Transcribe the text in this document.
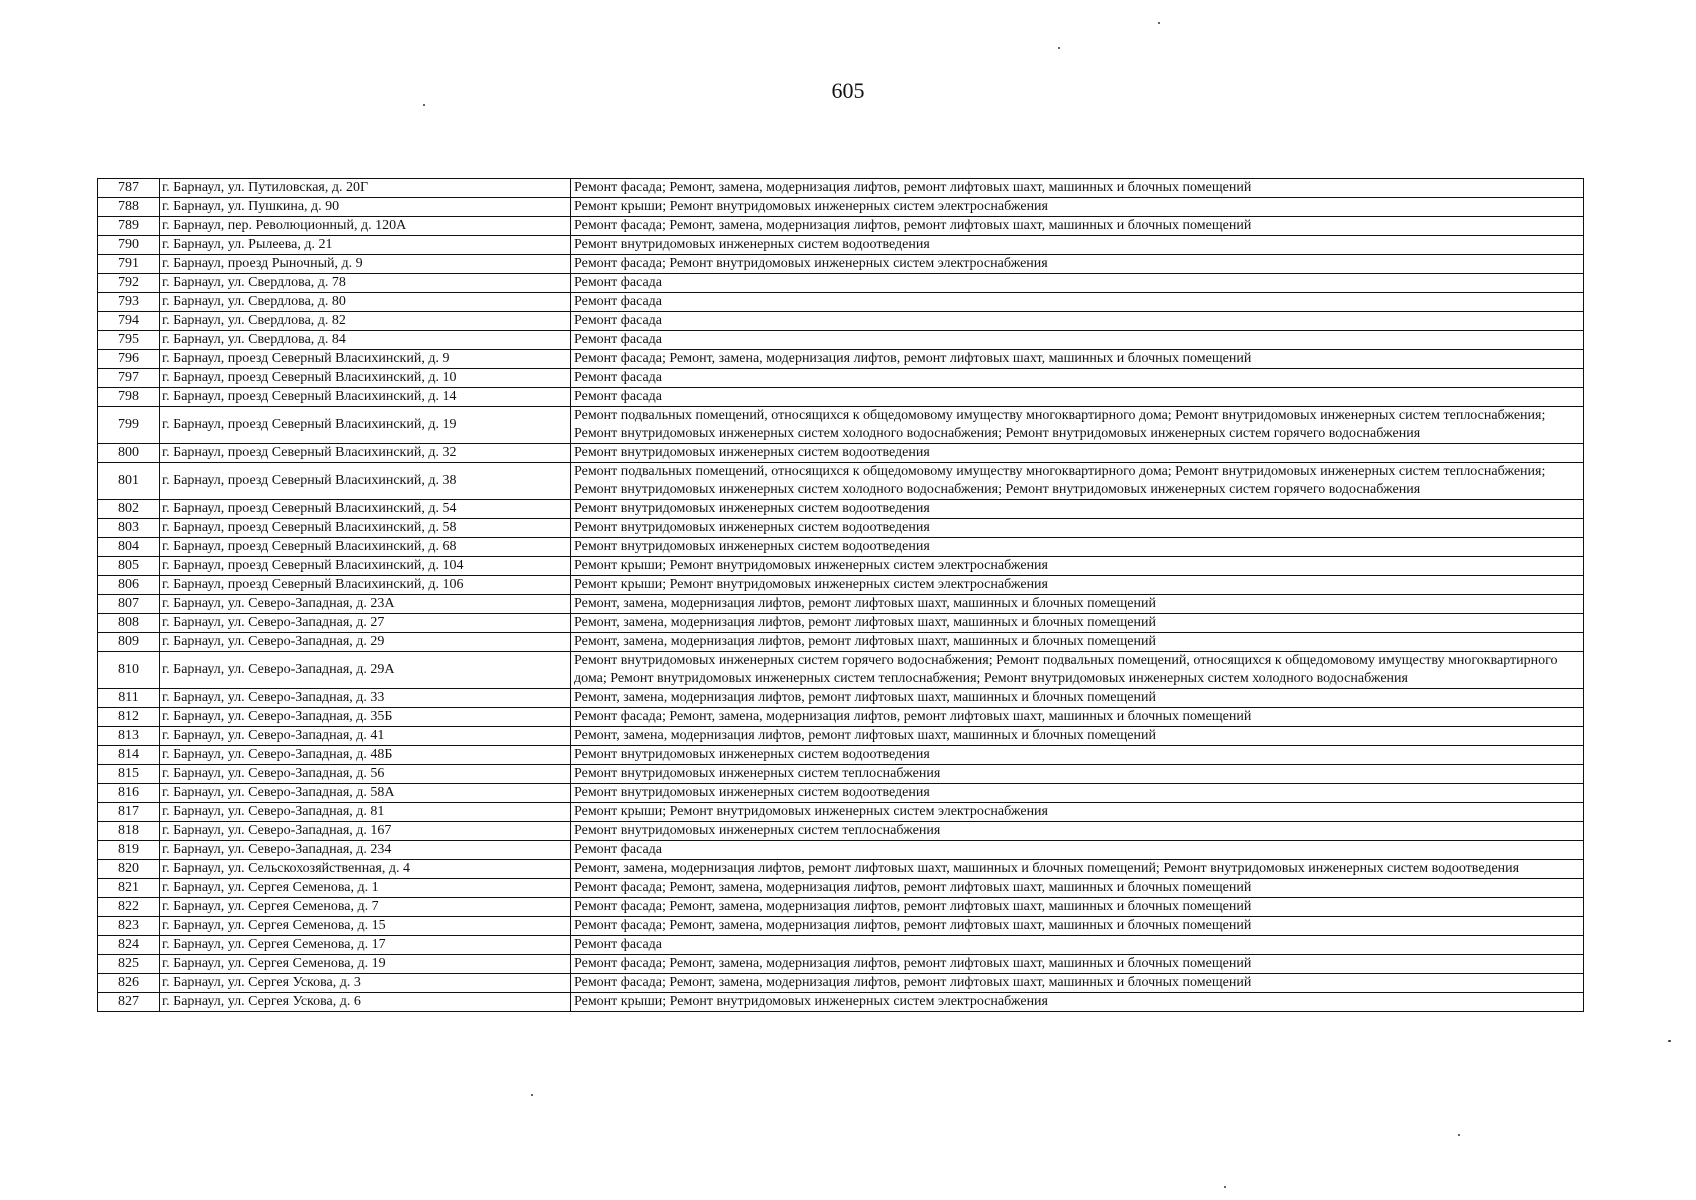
605
787	г. Барнаул, ул. Путиловская, д. 20Г	Ремонт фасада; Ремонт, замена, модернизация лифтов, ремонт лифтовых шахт, машинных и блочных помещений
788	г. Барнаул, ул. Пушкина, д. 90	Ремонт крыши; Ремонт внутридомовых инженерных систем электроснабжения
789	г. Барнаул, пер. Революционный, д. 120А	Ремонт фасада; Ремонт, замена, модернизация лифтов, ремонт лифтовых шахт, машинных и блочных помещений
790	г. Барнаул, ул. Рылеева, д. 21	Ремонт внутридомовых инженерных систем водоотведения
791	г. Барнаул, проезд Рыночный, д. 9	Ремонт фасада; Ремонт внутридомовых инженерных систем электроснабжения
792	г. Барнаул, ул. Свердлова, д. 78	Ремонт фасада
793	г. Барнаул, ул. Свердлова, д. 80	Ремонт фасада
794	г. Барнаул, ул. Свердлова, д. 82	Ремонт фасада
795	г. Барнаул, ул. Свердлова, д. 84	Ремонт фасада
796	г. Барнаул, проезд Северный Власихинский, д. 9	Ремонт фасада; Ремонт, замена, модернизация лифтов, ремонт лифтовых шахт, машинных и блочных помещений
797	г. Барнаул, проезд Северный Власихинский, д. 10	Ремонт фасада
798	г. Барнаул, проезд Северный Власихинский, д. 14	Ремонт фасада
799	г. Барнаул, проезд Северный Власихинский, д. 19	Ремонт подвальных помещений, относящихся к общедомовому имуществу многоквартирного дома; Ремонт внутридомовых инженерных систем теплоснабжения; Ремонт внутридомовых инженерных систем холодного водоснабжения; Ремонт внутридомовых инженерных систем горячего водоснабжения
800	г. Барнаул, проезд Северный Власихинский, д. 32	Ремонт внутридомовых инженерных систем водоотведения
801	г. Барнаул, проезд Северный Власихинский, д. 38	Ремонт подвальных помещений, относящихся к общедомовому имуществу многоквартирного дома; Ремонт внутридомовых инженерных систем теплоснабжения; Ремонт внутридомовых инженерных систем холодного водоснабжения; Ремонт внутридомовых инженерных систем горячего водоснабжения
802	г. Барнаул, проезд Северный Власихинский, д. 54	Ремонт внутридомовых инженерных систем водоотведения
803	г. Барнаул, проезд Северный Власихинский, д. 58	Ремонт внутридомовых инженерных систем водоотведения
804	г. Барнаул, проезд Северный Власихинский, д. 68	Ремонт внутридомовых инженерных систем водоотведения
805	г. Барнаул, проезд Северный Власихинский, д. 104	Ремонт крыши; Ремонт внутридомовых инженерных систем электроснабжения
806	г. Барнаул, проезд Северный Власихинский, д. 106	Ремонт крыши; Ремонт внутридомовых инженерных систем электроснабжения
807	г. Барнаул, ул. Северо-Западная, д. 23А	Ремонт, замена, модернизация лифтов, ремонт лифтовых шахт, машинных и блочных помещений
808	г. Барнаул, ул. Северо-Западная, д. 27	Ремонт, замена, модернизация лифтов, ремонт лифтовых шахт, машинных и блочных помещений
809	г. Барнаул, ул. Северо-Западная, д. 29	Ремонт, замена, модернизация лифтов, ремонт лифтовых шахт, машинных и блочных помещений
810	г. Барнаул, ул. Северо-Западная, д. 29А	Ремонт внутридомовых инженерных систем горячего водоснабжения; Ремонт подвальных помещений, относящихся к общедомовому имуществу многоквартирного дома; Ремонт внутридомовых инженерных систем теплоснабжения; Ремонт внутридомовых инженерных систем холодного водоснабжения
811	г. Барнаул, ул. Северо-Западная, д. 33	Ремонт, замена, модернизация лифтов, ремонт лифтовых шахт, машинных и блочных помещений
812	г. Барнаул, ул. Северо-Западная, д. 35Б	Ремонт фасада; Ремонт, замена, модернизация лифтов, ремонт лифтовых шахт, машинных и блочных помещений
813	г. Барнаул, ул. Северо-Западная, д. 41	Ремонт, замена, модернизация лифтов, ремонт лифтовых шахт, машинных и блочных помещений
814	г. Барнаул, ул. Северо-Западная, д. 48Б	Ремонт внутридомовых инженерных систем водоотведения
815	г. Барнаул, ул. Северо-Западная, д. 56	Ремонт внутридомовых инженерных систем теплоснабжения
816	г. Барнаул, ул. Северо-Западная, д. 58А	Ремонт внутридомовых инженерных систем водоотведения
817	г. Барнаул, ул. Северо-Западная, д. 81	Ремонт крыши; Ремонт внутридомовых инженерных систем электроснабжения
818	г. Барнаул, ул. Северо-Западная, д. 167	Ремонт внутридомовых инженерных систем теплоснабжения
819	г. Барнаул, ул. Северо-Западная, д. 234	Ремонт фасада
820	г. Барнаул, ул. Сельскохозяйственная, д. 4	Ремонт, замена, модернизация лифтов, ремонт лифтовых шахт, машинных и блочных помещений; Ремонт внутридомовых инженерных систем водоотведения
821	г. Барнаул, ул. Сергея Семенова, д. 1	Ремонт фасада; Ремонт, замена, модернизация лифтов, ремонт лифтовых шахт, машинных и блочных помещений
822	г. Барнаул, ул. Сергея Семенова, д. 7	Ремонт фасада; Ремонт, замена, модернизация лифтов, ремонт лифтовых шахт, машинных и блочных помещений
823	г. Барнаул, ул. Сергея Семенова, д. 15	Ремонт фасада; Ремонт, замена, модернизация лифтов, ремонт лифтовых шахт, машинных и блочных помещений
824	г. Барнаул, ул. Сергея Семенова, д. 17	Ремонт фасада
825	г. Барнаул, ул. Сергея Семенова, д. 19	Ремонт фасада; Ремонт, замена, модернизация лифтов, ремонт лифтовых шахт, машинных и блочных помещений
826	г. Барнаул, ул. Сергея Ускова, д. 3	Ремонт фасада; Ремонт, замена, модернизация лифтов, ремонт лифтовых шахт, машинных и блочных помещений
827	г. Барнаул, ул. Сергея Ускова, д. 6	Ремонт крыши; Ремонт внутридомовых инженерных систем электроснабжения
